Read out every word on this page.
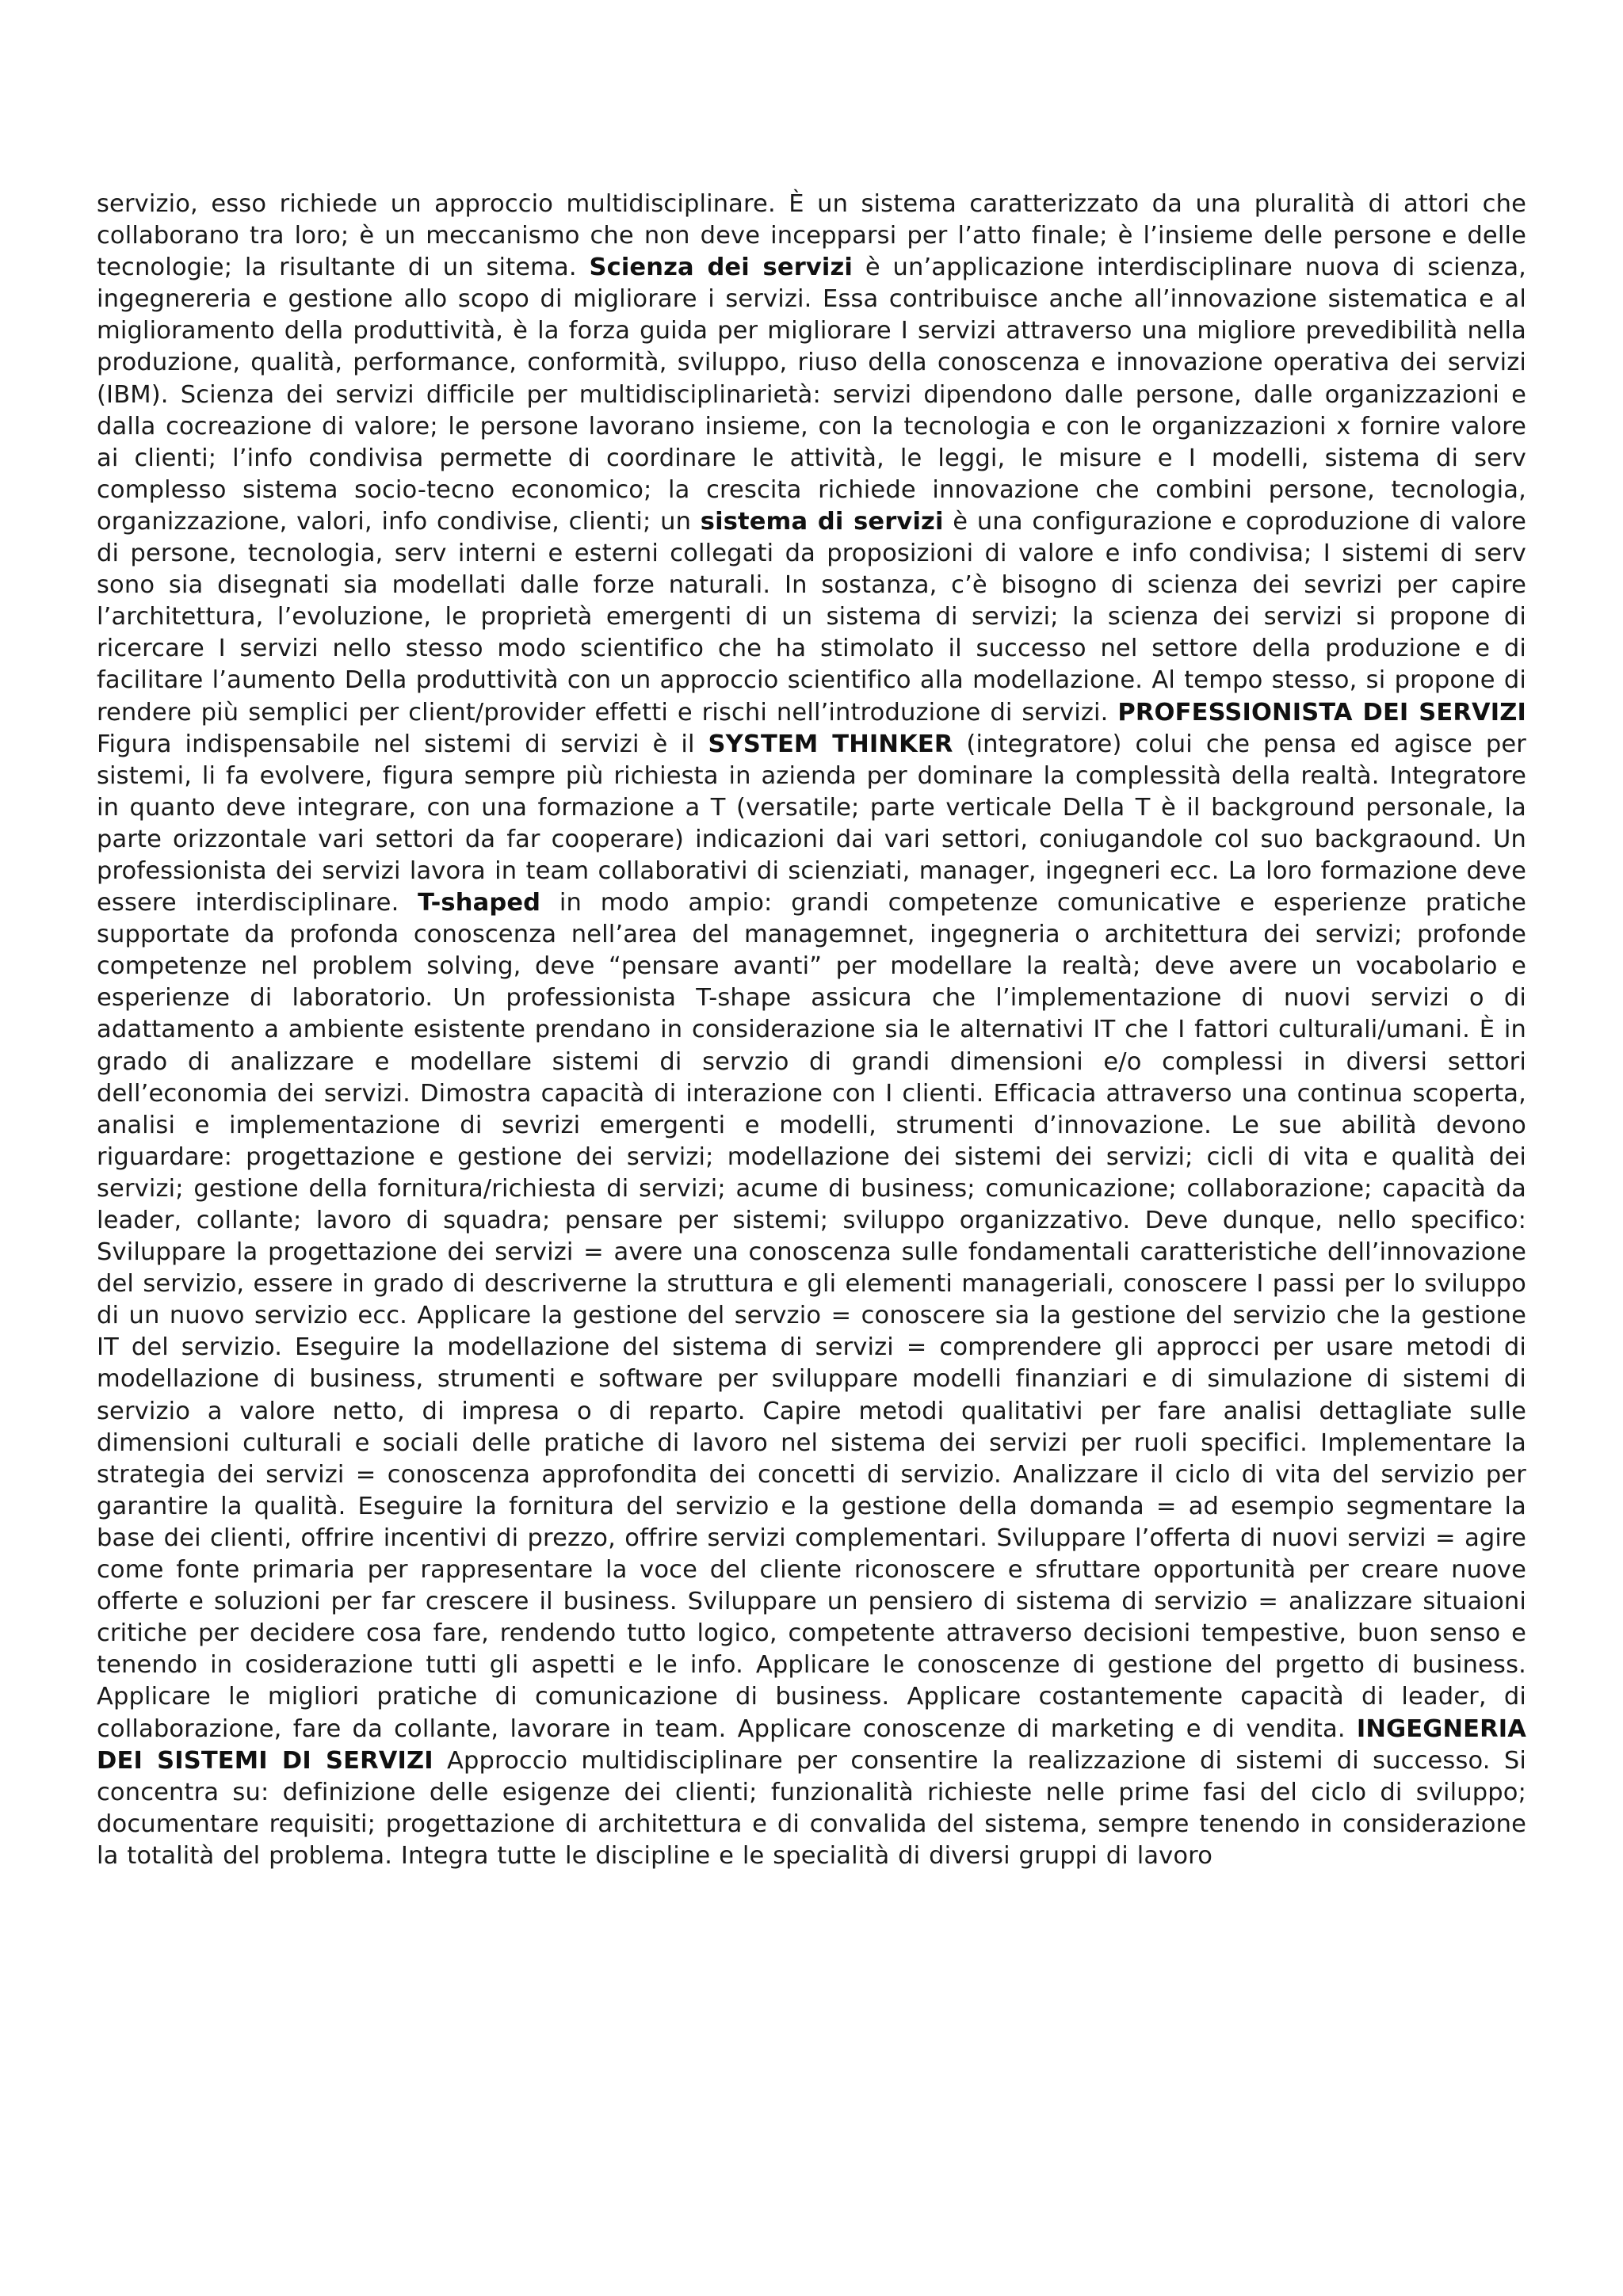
servizio, esso richiede un approccio multidisciplinare. È un sistema caratterizzato da una pluralità di attori che collaborano tra loro; è un meccanismo che non deve incepparsi per l’atto finale; è l’insieme delle persone e delle tecnologie; la risultante di un sitema. Scienza dei servizi è un’applicazione interdisciplinare nuova di scienza, ingegnereria e gestione allo scopo di migliorare i servizi. Essa contribuisce anche all’innovazione sistematica e al miglioramento della produttività, è la forza guida per migliorare I servizi attraverso una migliore prevedibilità nella produzione, qualità, performance, conformità, sviluppo, riuso della conoscenza e innovazione operativa dei servizi (IBM). Scienza dei servizi difficile per multidisciplinarietà: servizi dipendono dalle persone, dalle organizzazioni e dalla cocreazione di valore; le persone lavorano insieme, con la tecnologia e con le organizzazioni x fornire valore ai clienti; l’info condivisa permette di coordinare le attività, le leggi, le misure e I modelli, sistema di serv complesso sistema socio-tecno economico; la crescita richiede innovazione che combini persone, tecnologia, organizzazione, valori, info condivise, clienti; un sistema di servizi è una configurazione e coproduzione di valore di persone, tecnologia, serv interni e esterni collegati da proposizioni di valore e info condivisa; I sistemi di serv sono sia disegnati sia modellati dalle forze naturali. In sostanza, c’è bisogno di scienza dei sevrizi per capire l’architettura, l’evoluzione, le proprietà emergenti di un sistema di servizi; la scienza dei servizi si propone di ricercare I servizi nello stesso modo scientifico che ha stimolato il successo nel settore della produzione e di facilitare l’aumento Della produttività con un approccio scientifico alla modellazione. Al tempo stesso, si propone di rendere più semplici per client/provider effetti e rischi nell’introduzione di servizi. PROFESSIONISTA DEI SERVIZI Figura indispensabile nel sistemi di servizi è il SYSTEM THINKER (integratore) colui che pensa ed agisce per sistemi, li fa evolvere, figura sempre più richiesta in azienda per dominare la complessità della realtà. Integratore in quanto deve integrare, con una formazione a T (versatile; parte verticale Della T è il background personale, la parte orizzontale vari settori da far cooperare) indicazioni dai vari settori, coniugandole col suo backgraound. Un professionista dei servizi lavora in team collaborativi di scienziati, manager, ingegneri ecc. La loro formazione deve essere interdisciplinare. T-shaped in modo ampio: grandi competenze comunicative e esperienze pratiche supportate da profonda conoscenza nell’area del managemnet, ingegneria o architettura dei servizi; profonde competenze nel problem solving, deve “pensare avanti” per modellare la realtà; deve avere un vocabolario e esperienze di laboratorio. Un professionista T-shape assicura che l’implementazione di nuovi servizi o di adattamento a ambiente esistente prendano in considerazione sia le alternativi IT che I fattori culturali/umani. È in grado di analizzare e modellare sistemi di servzio di grandi dimensioni e/o complessi in diversi settori dell’economia dei servizi. Dimostra capacità di interazione con I clienti. Efficacia attraverso una continua scoperta, analisi e implementazione di sevrizi emergenti e modelli, strumenti d’innovazione. Le sue abilità devono riguardare: progettazione e gestione dei servizi; modellazione dei sistemi dei servizi; cicli di vita e qualità dei servizi; gestione della fornitura/richiesta di servizi; acume di business; comunicazione; collaborazione; capacità da leader, collante; lavoro di squadra; pensare per sistemi; sviluppo organizzativo. Deve dunque, nello specifico: Sviluppare la progettazione dei servizi = avere una conoscenza sulle fondamentali caratteristiche dell’innovazione del servizio, essere in grado di descriverne la struttura e gli elementi manageriali, conoscere I passi per lo sviluppo di un nuovo servizio ecc. Applicare la gestione del servzio = conoscere sia la gestione del servizio che la gestione IT del servizio. Eseguire la modellazione del sistema di servizi = comprendere gli approcci per usare metodi di modellazione di business, strumenti e software per sviluppare modelli finanziari e di simulazione di sistemi di servizio a valore netto, di impresa o di reparto. Capire metodi qualitativi per fare analisi dettagliate sulle dimensioni culturali e sociali delle pratiche di lavoro nel sistema dei servizi per ruoli specifici. Implementare la strategia dei servizi = conoscenza approfondita dei concetti di servizio. Analizzare il ciclo di vita del servizio per garantire la qualità. Eseguire la fornitura del servizio e la gestione della domanda = ad esempio segmentare la base dei clienti, offrire incentivi di prezzo, offrire servizi complementari. Sviluppare l’offerta di nuovi servizi = agire come fonte primaria per rappresentare la voce del cliente riconoscere e sfruttare opportunità per creare nuove offerte e soluzioni per far crescere il business. Sviluppare un pensiero di sistema di servizio = analizzare situaioni critiche per decidere cosa fare, rendendo tutto logico, competente attraverso decisioni tempestive, buon senso e tenendo in cosiderazione tutti gli aspetti e le info. Applicare le conoscenze di gestione del prgetto di business. Applicare le migliori pratiche di comunicazione di business. Applicare costantemente capacità di leader, di collaborazione, fare da collante, lavorare in team. Applicare conoscenze di marketing e di vendita. INGEGNERIA DEI SISTEMI DI SERVIZI Approccio multidisciplinare per consentire la realizzazione di sistemi di successo. Si concentra su: definizione delle esigenze dei clienti; funzionalità richieste nelle prime fasi del ciclo di sviluppo; documentare requisiti; progettazione di architettura e di convalida del sistema, sempre tenendo in considerazione la totalità del problema. Integra tutte le discipline e le specialità di diversi gruppi di lavoro
